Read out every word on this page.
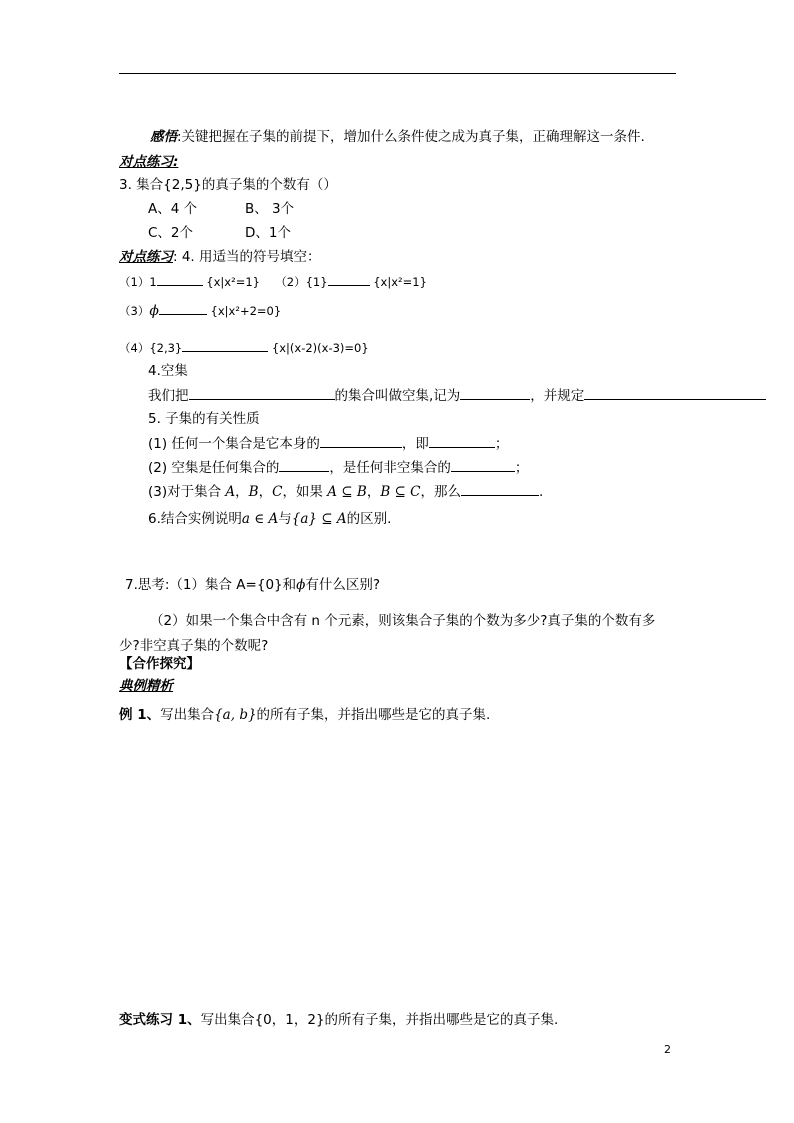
感悟:关键把握在子集的前提下，增加什么条件使之成为真子集，正确理解这一条件.
对点练习:
3. 集合{2,5}的真子集的个数有（）
A、4 个	B、 3个
C、2个	D、1个
对点练习: 4. 用适当的符号填空：
（1）1	{x|x²=1} （2）{1}	{x|x²=1}
（3）ϕ	{x|x²+2=0}
（4）{2,3}	{x|(x-2)(x-3)=0}
4.空集
我们把	的集合叫做空集,记为	，并规定
5. 子集的有关性质
(1) 任何一个集合是它本身的	，即	；
(2) 空集是任何集合的	，是任何非空集合的	；
(3)对于集合 A，B，C，如果 A ⊆ B，B ⊆ C，那么	.
6.结合实例说明a ∈ A与{a} ⊆ A的区别.
7.思考:（1）集合 A={0}和ϕ有什么区别?
（2）如果一个集合中含有 n 个元素，则该集合子集的个数为多少?真子集的个数有多
少?非空真子集的个数呢?
【合作探究】
典例精析
例 1、写出集合{a, b}的所有子集，并指出哪些是它的真子集.
变式练习 1、写出集合{0，1，2}的所有子集，并指出哪些是它的真子集.
2
